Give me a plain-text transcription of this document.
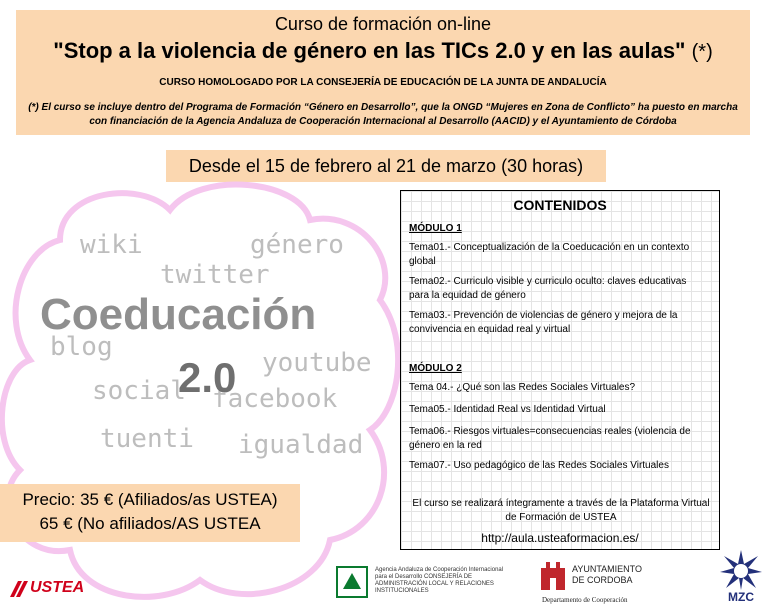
Curso de formación on-line
"Stop a la violencia de género en las TICs 2.0 y en las aulas" (*)
CURSO HOMOLOGADO POR LA CONSEJERÍA DE EDUCACIÓN DE LA JUNTA DE ANDALUCÍA
(*) El curso se incluye dentro del Programa de Formación “Género en Desarrollo”, que la ONGD “Mujeres en Zona de Conflicto” ha puesto en marcha con financiación de la Agencia Andaluza de Cooperación Internacional al Desarrollo (AACID) y el Ayuntamiento de Córdoba
Desde el 15 de febrero al 21 de marzo (30 horas)
wiki	género
twitter
blog
youtube
social facebook
tuenti igualdad
Coeducación
2.0
CONTENIDOS
MÓDULO 1
Tema01.- Conceptualización de la Coeducación en un contexto global
Tema02.- Curriculo visible y curriculo oculto: claves educativas para la equidad de género
Tema03.- Prevención de violencias de género y mejora de la convivencia en equidad real y virtual
MÓDULO 2
Tema 04.- ¿Qué son las Redes Sociales Virtuales?
Tema05.- Identidad Real vs Identidad Virtual
Tema06.- Riesgos virtuales=consecuencias reales (violencia de género en la red
Tema07.- Uso pedagógico de las Redes Sociales Virtuales
El curso se realizará íntegramente a través de la Plataforma Virtual de Formación de USTEA
http://aula.usteaformacion.es/
Precio: 35 € (Afiliados/as USTEA)
65 € (No afiliados/AS USTEA
USTEA
Agencia Andaluza de Cooperación Internacional para el Desarrollo CONSEJERÍA DE ADMINISTRACIÓN LOCAL Y RELACIONES INSTITUCIONALES
AYUNTAMIENTO
DE CORDOBA
Departamento de Cooperación	MZC
